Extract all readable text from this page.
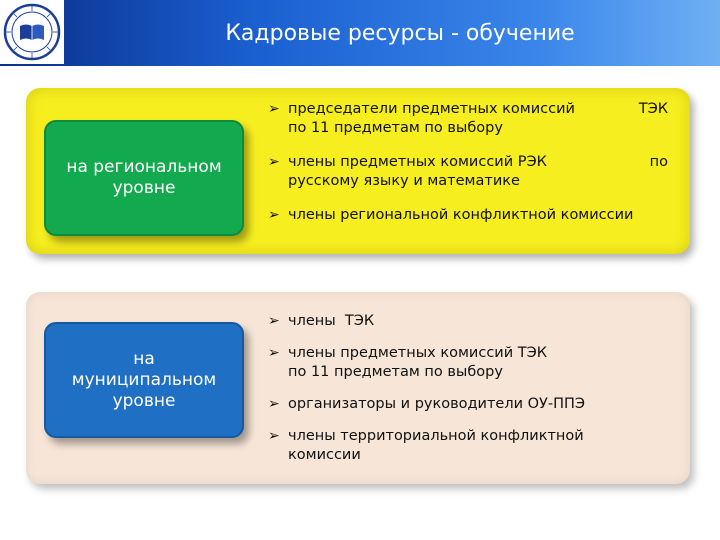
Кадровые ресурсы - обучение
на региональном уровне
➢ председатели предметных комиссий	ТЭК
по 11 предметам по выбору
➢ члены предметных комиссий РЭК	по
русскому языку и математике
➢ члены региональной конфликтной комиссии
на муниципальном уровне
➢ члены  ТЭК
➢ члены предметных комиссий ТЭК
по 11 предметам по выбору
➢ организаторы и руководители ОУ-ППЭ
➢ члены территориальной конфликтной
комиссии
